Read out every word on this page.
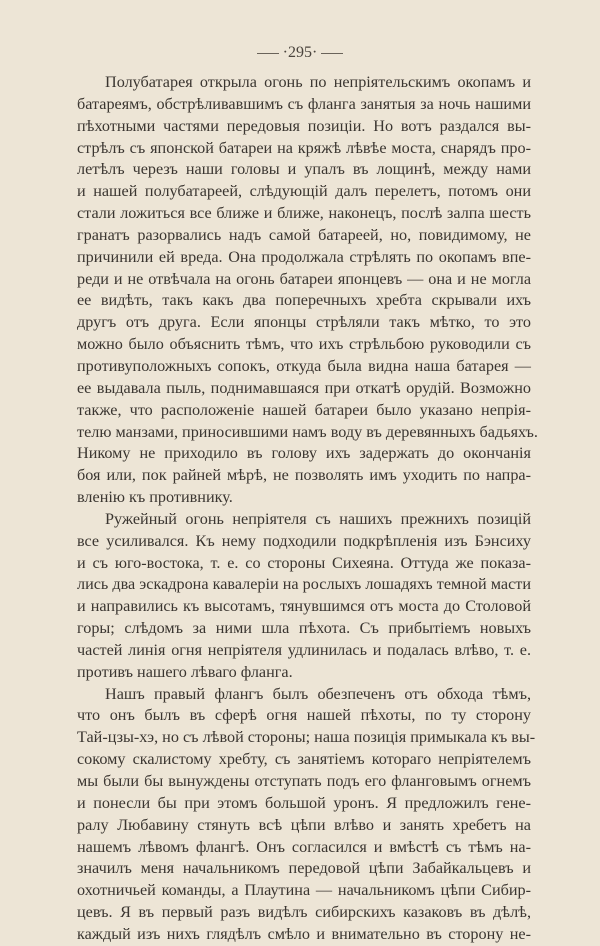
·295·
Полубатарея открыла огонь по непріятельскимъ окопамъ и
батареямъ, обстрѣливавшимъ съ фланга занятыя за ночь нашими
пѣхотными частями передовыя позиціи. Но вотъ раздался вы-
стрѣлъ съ японской батареи на кряжѣ лѣвѣе моста, снарядъ про-
летѣлъ черезъ наши головы и упалъ въ лощинѣ, между нами
и нашей полубатареей, слѣдующій далъ перелетъ, потомъ они
стали ложиться все ближе и ближе, наконецъ, послѣ залпа шесть
гранатъ разорвались надъ самой батареей, но, повидимому, не
причинили ей вреда. Она продолжала стрѣлять по окопамъ впе-
реди и не отвѣчала на огонь батареи японцевъ — она и не могла
ее видѣть, такъ какъ два поперечныхъ хребта скрывали ихъ
другъ отъ друга. Если японцы стрѣляли такъ мѣтко, то это
можно было объяснить тѣмъ, что ихъ стрѣльбою руководили съ
противуположныхъ сопокъ, откуда была видна наша батарея —
ее выдавала пыль, поднимавшаяся при откатѣ орудій. Возможно
также, что расположеніе нашей батареи было указано непрія-
телю манзами, приносившими намъ воду въ деревянныхъ бадьяхъ.
Никому не приходило въ голову ихъ задержать до окончанія
боя или, пок райней мѣрѣ, не позволять имъ уходить по напра-
вленію къ противнику.
Ружейный огонь непріятеля съ нашихъ прежнихъ позицій
все усиливался. Къ нему подходили подкрѣпленія изъ Бэнсиху
и съ юго-востока, т. е. со стороны Сихеяна. Оттуда же показа-
лись два эскадрона кавалеріи на рослыхъ лошадяхъ темной масти
и направились къ высотамъ, тянувшимся отъ моста до Столовой
горы; слѣдомъ за ними шла пѣхота. Съ прибытіемъ новыхъ
частей линія огня непріятеля удлинилась и подалась влѣво, т. е.
противъ нашего лѣваго фланга.
Нашъ правый флангъ былъ обезпеченъ отъ обхода тѣмъ,
что онъ былъ въ сферѣ огня нашей пѣхоты, по ту сторону
Тай-цзы-хэ, но съ лѣвой стороны; наша позиція примыкала къ вы-
сокому скалистому хребту, съ занятіемъ котораго непріятелемъ
мы были бы вынуждены отступать подъ его фланговымъ огнемъ
и понесли бы при этомъ большой уронъ. Я предложилъ гене-
ралу Любавину стянуть всѣ цѣпи влѣво и занять хребетъ на
нашемъ лѣвомъ флангѣ. Онъ согласился и вмѣстѣ съ тѣмъ на-
значилъ меня начальникомъ передовой цѣпи Забайкальцевъ и
охотничьей команды, а Плаутина — начальникомъ цѣпи Сибир-
цевъ. Я въ первый разъ видѣлъ сибирскихъ казаковъ въ дѣлѣ,
каждый изъ нихъ глядѣлъ смѣло и внимательно въ сторону не-
